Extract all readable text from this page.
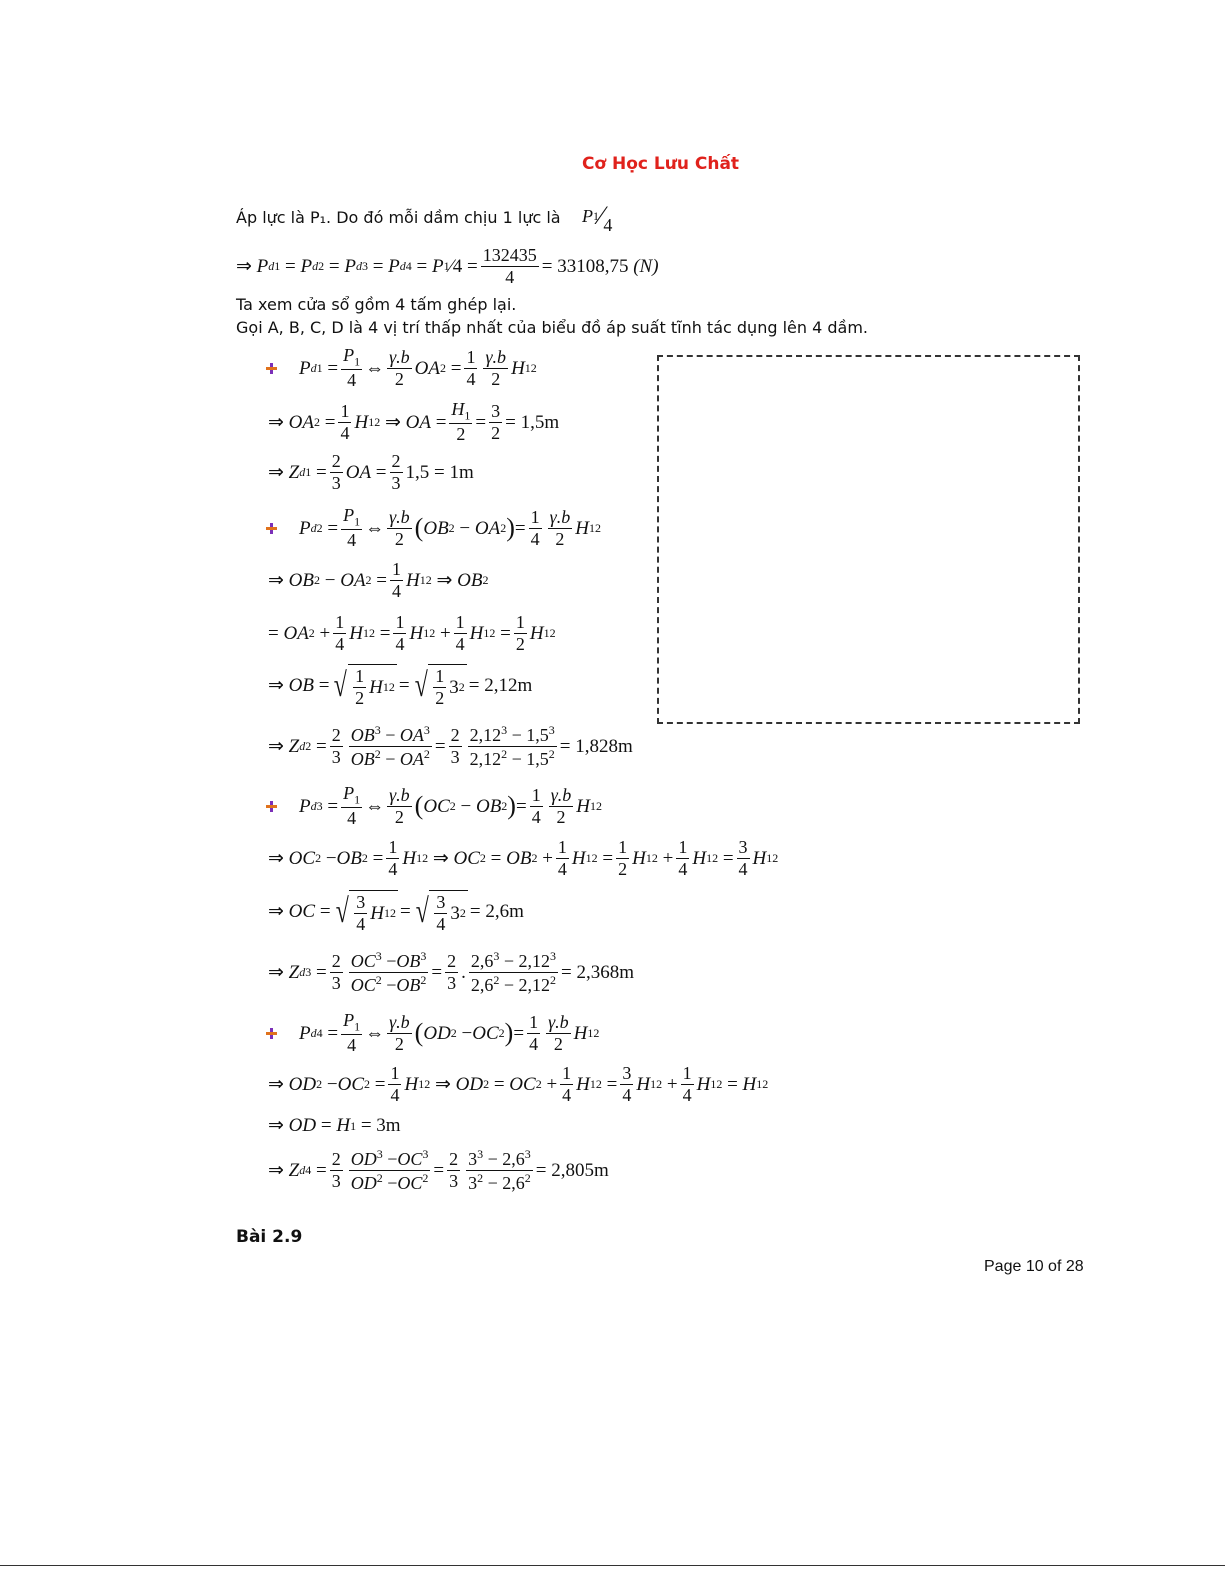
Cơ Học Lưu Chất
Áp lực là P₁. Do đó mỗi dầm chịu 1 lực là P 1 ⁄ 4
⇒ P d1 = P d2 = P d3 = P d4 = P 1 ⁄4 = $\frac{132435}{4} = 33108,75$
(N)
Ta xem cửa sổ gồm 4 tấm ghép lại.
Gọi A, B, C, D là 4 vị trí thấp nhất của biểu đồ áp suất tĩnh tác dụng lên 4 dầm.
P $d1 = \frac{P_1}{4}$ ⇔ $\frac{\gamma.b}{2}$ OA $2 = \frac{1}{4} \frac{\gamma.b}{2}$ H 1 2
⇒ OA $2 = \frac{1}{4}$ H 1 2 ⇒ OA = $\frac{H_1}{2} = \frac{3}{2} = 1,5m$
⇒ Z $d1 = \frac{2}{3}$ OA = $\frac{2}{3} 1,5 = 1m$
P $d2 = \frac{P_1}{4}$ ⇔ $\frac{\gamma.b}{2}$ ( OB 2 − OA 2 ) = $\frac{1}{4} \frac{\gamma.b}{2}$ H 1 2
⇒ OB 2 − OA $2 = \frac{1}{4}$ H 1 2 ⇒ OB 2
= OA $2 + \frac{1}{4}$ H 1 $2 = \frac{1}{4}$ H 1 $2 + \frac{1}{4}$ H 1 $2 = \frac{1}{2}$ H 1 2
⇒ OB = √ $\frac{1}{2}$ H 1 2 = √ $\frac{1}{2} 3$ 2 = 2,12m
⇒ Z $d2 = \frac{2}{3} \frac{OB^3 - OA^3}{OB^2 - OA^2} = \frac{2}{3} \frac{2,12^3 - 1,5^3}{2,12^2 - 1,5^2} = 1,828m$
P $d3 = \frac{P_1}{4}$ ⇔ $\frac{\gamma.b}{2}$ ( OC 2 − OB 2 ) = $\frac{1}{4} \frac{\gamma.b}{2}$ H 1 2
⇒ OC 2 − OB $2 = \frac{1}{4}$ H 1 2 ⇒ OC 2 = OB $2 + \frac{1}{4}$ H 1 $2 = \frac{1}{2}$ H 1 $2 + \frac{1}{4}$ H 1 $2 = \frac{3}{4}$ H 1 2
⇒ OC = √ $\frac{3}{4}$ H 1 2 = √ $\frac{3}{4} 3$ 2 = 2,6m
⇒ Z $d3 = \frac{2}{3} \frac{OC^3 -OB^3}{OC^2 -OB^2} = \frac{2}{3}$ . $\frac{2,6^3 - 2,12^3}{2,6^2 - 2,12^2} = 2,368m$
P $d4 = \frac{P_1}{4}$ ⇔ $\frac{\gamma.b}{2}$ ( OD 2 − OC 2 ) = $\frac{1}{4} \frac{\gamma.b}{2}$ H 1 2
⇒ OD 2 − OC $2 = \frac{1}{4}$ H 1 2 ⇒ OD 2 = OC $2 + \frac{1}{4}$ H 1 $2 = \frac{3}{4}$ H 1 $2 + \frac{1}{4}$ H 1 2 = H 1 2
⇒ OD = H 1 = 3m
⇒ Z $d4 = \frac{2}{3} \frac{OD^3 -OC^3}{OD^2 -OC^2} = \frac{2}{3} \frac{3^3 - 2,6^3}{3^2 - 2,6^2} = 2,805m$
Bài 2.9
Page 10 of 28
